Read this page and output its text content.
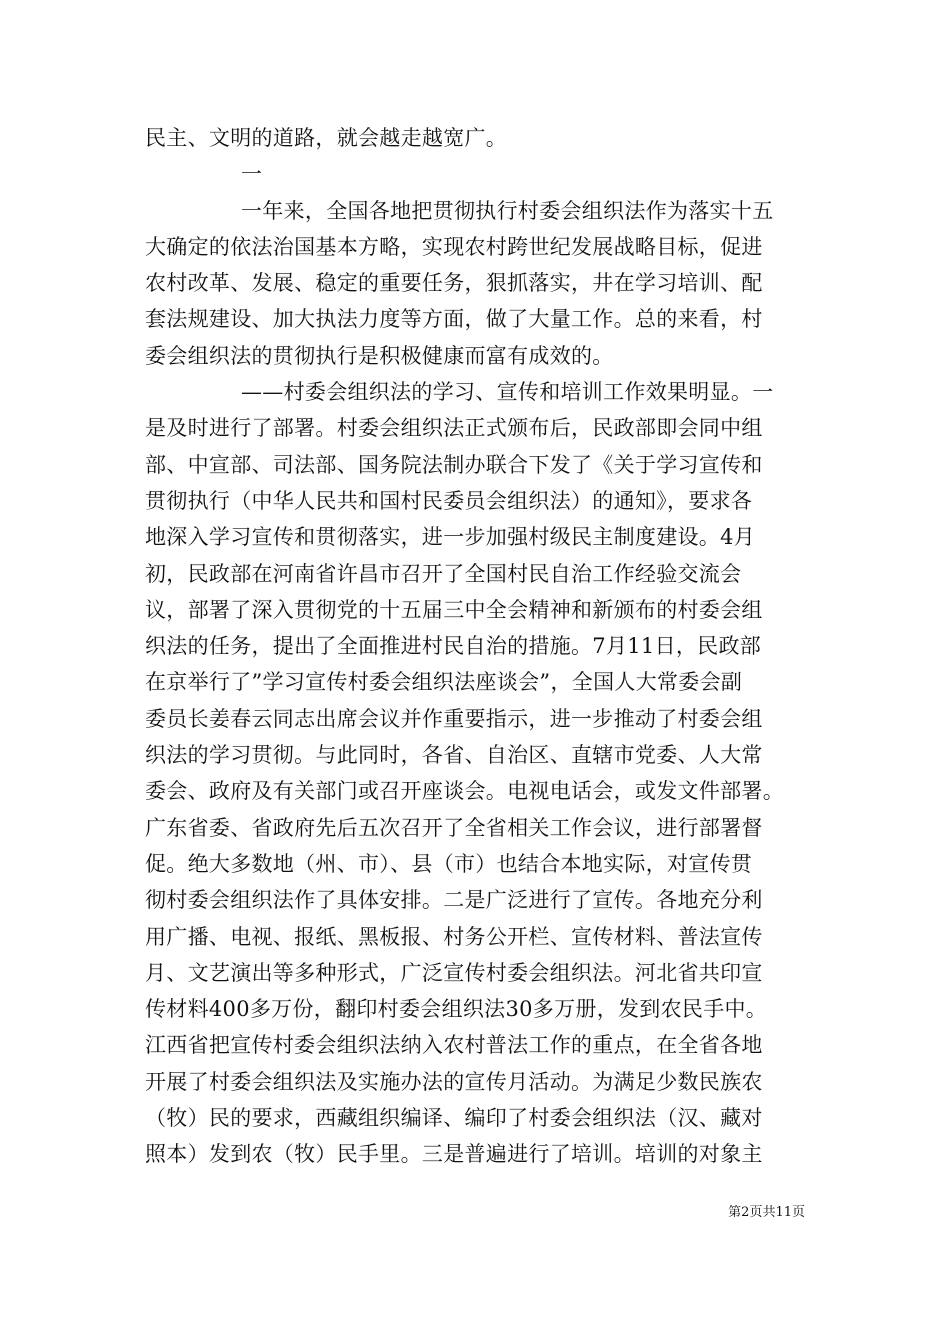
民主、文明的道路，就会越走越宽广。
一
一年来，全国各地把贯彻执行村委会组织法作为落实十五
大确定的依法治国基本方略，实现农村跨世纪发展战略目标，促进
农村改革、发展、稳定的重要任务，狠抓落实，井在学习培训、配
套法规建设、加大执法力度等方面，做了大量工作。总的来看，村
委会组织法的贯彻执行是积极健康而富有成效的。
——村委会组织法的学习、宣传和培训工作效果明显。一
是及时进行了部署。村委会组织法正式颁布后，民政部即会同中组
部、中宣部、司法部、国务院法制办联合下发了《关于学习宣传和
贯彻执行（中华人民共和国村民委员会组织法）的通知》，要求各
地深入学习宣传和贯彻落实，进一步加强村级民主制度建设。4月
初，民政部在河南省许昌市召开了全国村民自治工作经验交流会
议，部署了深入贯彻党的十五届三中全会精神和新颁布的村委会组
织法的任务，提出了全面推进村民自治的措施。7月11日，民政部
在京举行了”学习宣传村委会组织法座谈会”，全国人大常委会副
委员长姜春云同志出席会议并作重要指示，进一步推动了村委会组
织法的学习贯彻。与此同时，各省、自治区、直辖市党委、人大常
委会、政府及有关部门或召开座谈会。电视电话会，或发文件部署。
广东省委、省政府先后五次召开了全省相关工作会议，进行部署督
促。绝大多数地（州、市）、县（市）也结合本地实际，对宣传贯
彻村委会组织法作了具体安排。二是广泛进行了宣传。各地充分利
用广播、电视、报纸、黑板报、村务公开栏、宣传材料、普法宣传
月、文艺演出等多种形式，广泛宣传村委会组织法。河北省共印宣
传材料400多万份，翻印村委会组织法30多万册，发到农民手中。
江西省把宣传村委会组织法纳入农村普法工作的重点，在全省各地
开展了村委会组织法及实施办法的宣传月活动。为满足少数民族农
（牧）民的要求，西藏组织编译、编印了村委会组织法（汉、藏对
照本）发到农（牧）民手里。三是普遍进行了培训。培训的对象主
第2页共11页
